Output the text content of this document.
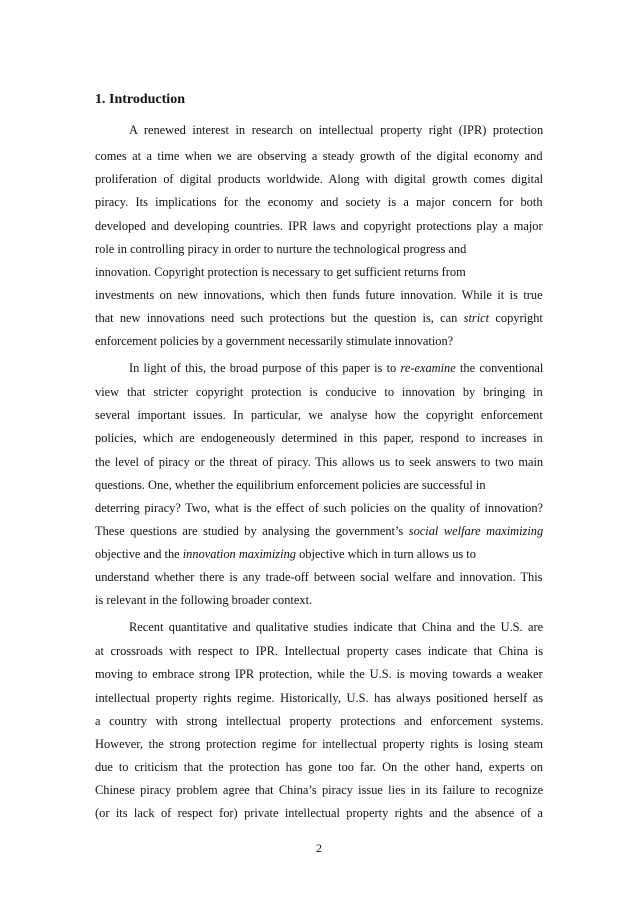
1. Introduction
A renewed interest in research on intellectual property right (IPR) protection
comes at a time when we are observing a steady growth of the digital economy and
proliferation of digital products worldwide. Along with digital growth comes digital
piracy. Its implications for the economy and society is a major concern for both
developed and developing countries. IPR laws and copyright protections play a major
role in controlling piracy in order to nurture the technological progress and
innovation. Copyright protection is necessary to get sufficient returns from
investments on new innovations, which then funds future innovation. While it is true
that new innovations need such protections but the question is, can strict copyright
enforcement policies by a government necessarily stimulate innovation?
In light of this, the broad purpose of this paper is to re-examine the conventional
view that stricter copyright protection is conducive to innovation by bringing in
several important issues. In particular, we analyse how the copyright enforcement
policies, which are endogeneously determined in this paper, respond to increases in
the level of piracy or the threat of piracy. This allows us to seek answers to two main
questions. One, whether the equilibrium enforcement policies are successful in
deterring piracy? Two, what is the effect of such policies on the quality of innovation?
These questions are studied by analysing the government’s social welfare maximizing
objective and the innovation maximizing objective which in turn allows us to
understand whether there is any trade-off between social welfare and innovation. This
is relevant in the following broader context.
Recent quantitative and qualitative studies indicate that China and the U.S. are
at crossroads with respect to IPR. Intellectual property cases indicate that China is
moving to embrace strong IPR protection, while the U.S. is moving towards a weaker
intellectual property rights regime. Historically, U.S. has always positioned herself as
a country with strong intellectual property protections and enforcement systems.
However, the strong protection regime for intellectual property rights is losing steam
due to criticism that the protection has gone too far. On the other hand, experts on
Chinese piracy problem agree that China’s piracy issue lies in its failure to recognize
(or its lack of respect for) private intellectual property rights and the absence of a
2
